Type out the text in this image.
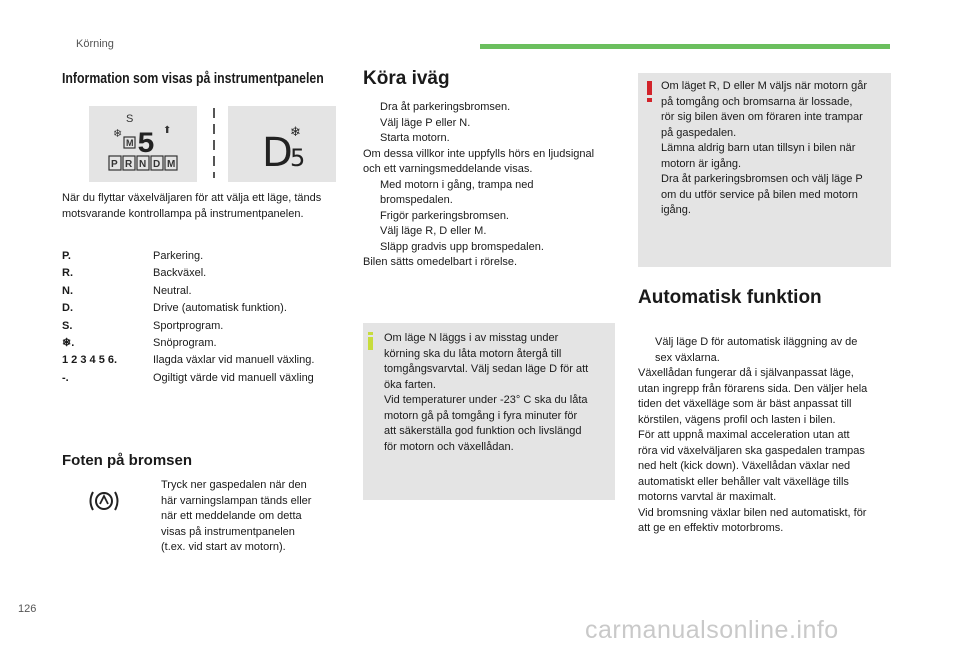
Körning
Information som visas på instrumentpanelen
S
❄
M 5 ⬆
P R N D M D
5
❄
När du flyttar växelväljaren för att välja ett läge, tänds motsvarande kontrollampa på instrumentpanelen.
P.	Parkering.
R.	Backväxel.
N.	Neutral.
D.	Drive (automatisk funktion).
S.	Sportprogram.
❄.	Snöprogram.
1 2 3 4 5 6.	Ilagda växlar vid manuell växling.
-.	Ogiltigt värde vid manuell växling
Foten på bromsen
Tryck ner gaspedalen när den
här varningslampan tänds eller
när ett meddelande om detta
visas på instrumentpanelen
(t.ex. vid start av motorn).
Köra iväg
Dra åt parkeringsbromsen.
Välj läge P eller N.
Starta motorn.
Om dessa villkor inte uppfylls hörs en ljudsignal
och ett varningsmeddelande visas.
Med motorn i gång, trampa ned
bromspedalen.
Frigör parkeringsbromsen.
Välj läge R, D eller M.
Släpp gradvis upp bromspedalen.
Bilen sätts omedelbart i rörelse.
Om läge N läggs i av misstag under
körning ska du låta motorn återgå till
tomgångsvarvtal. Välj sedan läge D för att
öka farten.
Vid temperaturer under -23° C ska du låta
motorn gå på tomgång i fyra minuter för
att säkerställa god funktion och livslängd
för motorn och växellådan.
Om läget R, D eller M väljs när motorn går
på tomgång och bromsarna är lossade,
rör sig bilen även om föraren inte trampar
på gaspedalen.
Lämna aldrig barn utan tillsyn i bilen när
motorn är igång.
Dra åt parkeringsbromsen och välj läge P
om du utför service på bilen med motorn
igång.
Automatisk funktion
Välj läge D för automatisk iläggning av de
sex växlarna.
Växellådan fungerar då i självanpassat läge,
utan ingrepp från förarens sida. Den väljer hela
tiden det växelläge som är bäst anpassat till
körstilen, vägens profil och lasten i bilen.
För att uppnå maximal acceleration utan att
röra vid växelväljaren ska gaspedalen trampas
ned helt (kick down). Växellådan växlar ned
automatiskt eller behåller valt växelläge tills
motorns varvtal är maximalt.
Vid bromsning växlar bilen ned automatiskt, för
att ge en effektiv motorbroms.
126
carmanualsonline.info
